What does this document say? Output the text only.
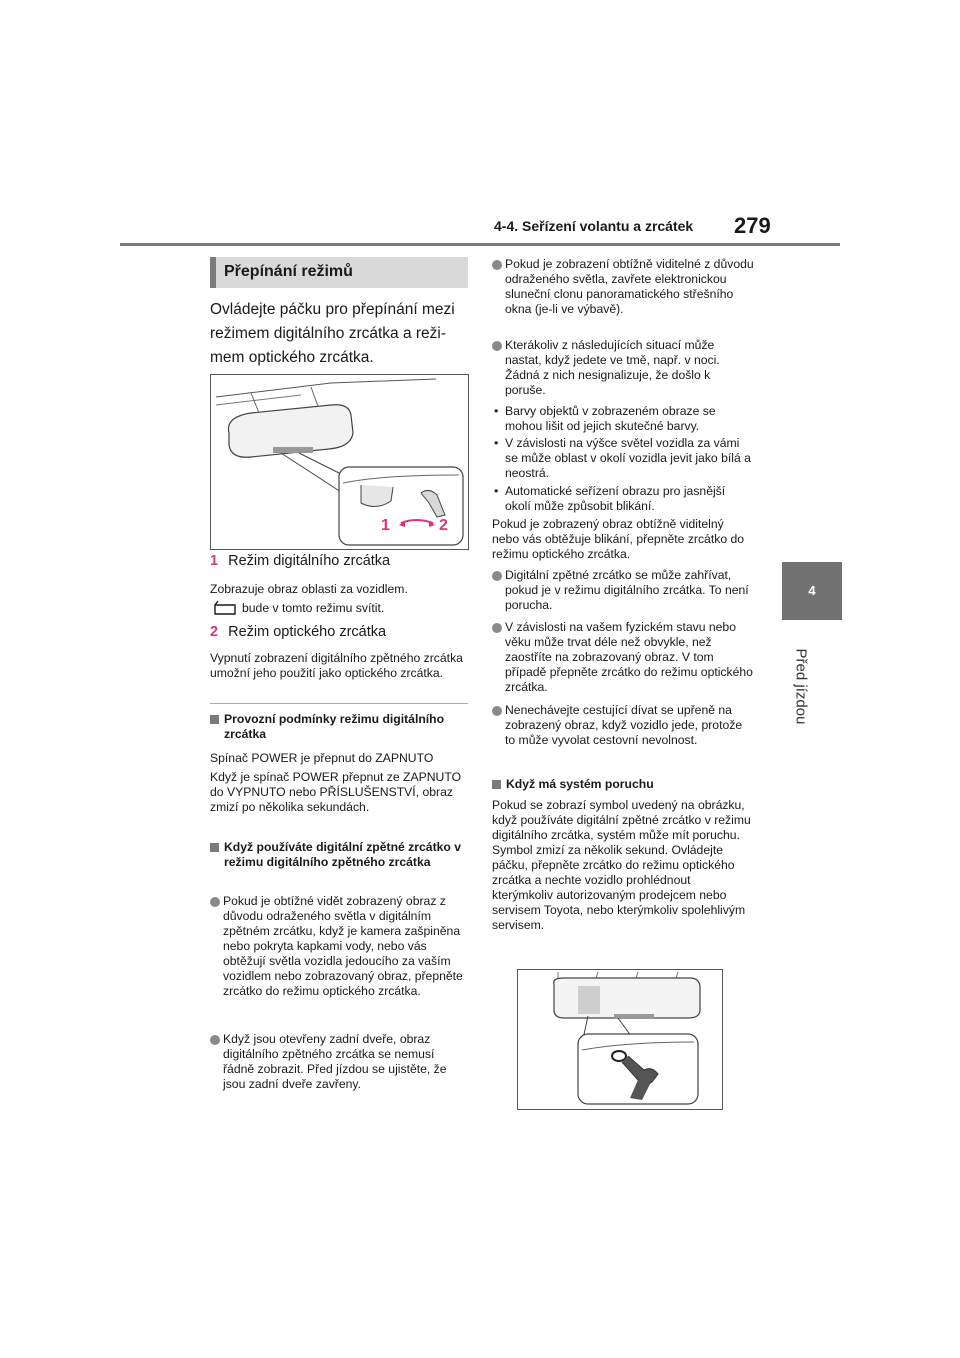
4-4. Seřízení volantu a zrcátek 279
4
Před jízdou
Přepínání režimů
Ovládejte páčku pro přepínání mezi režimem digitálního zrcátka a režimem optického zrcátka.
1	2
1 Režim digitálního zrcátka
Zobrazuje obraz oblasti za vozidlem.
bude v tomto režimu svítit.
2 Režim optického zrcátka
Vypnutí zobrazení digitálního zpětného zrcátka umožní jeho použití jako optického zrcátka.
Provozní podmínky režimu digitálního zrcátka
Spínač POWER je přepnut do ZAPNUTO
Když je spínač POWER přepnut ze ZAPNUTO do VYPNUTO nebo PŘÍSLUŠENSTVÍ, obraz zmizí po několika sekundách.
Když používáte digitální zpětné zrcátko v režimu digitálního zpětného zrcátka
Pokud je obtížné vidět zobrazený obraz z důvodu odraženého světla v digitálním zpětném zrcátku, když je kamera zašpiněna nebo pokryta kapkami vody, nebo vás obtěžují světla vozidla jedoucího za vaším vozidlem nebo zobrazovaný obraz, přepněte zrcátko do režimu optického zrcátka.
Když jsou otevřeny zadní dveře, obraz digitálního zpětného zrcátka se nemusí řádně zobrazit. Před jízdou se ujistěte, že jsou zadní dveře zavřeny.
Pokud je zobrazení obtížně viditelné z důvodu odraženého světla, zavřete elektronickou sluneční clonu panoramatického střešního okna (je-li ve výbavě).
Kterákoliv z následujících situací může nastat, když jedete ve tmě, např. v noci. Žádná z nich nesignalizuje, že došlo k poruše.
• Barvy objektů v zobrazeném obraze se mohou lišit od jejich skutečné barvy.
• V závislosti na výšce světel vozidla za vámi se může oblast v okolí vozidla jevit jako bílá a neostrá.
• Automatické seřízení obrazu pro jasnější okolí může způsobit blikání.
Pokud je zobrazený obraz obtížně viditelný nebo vás obtěžuje blikání, přepněte zrcátko do režimu optického zrcátka.
Digitální zpětné zrcátko se může zahřívat, pokud je v režimu digitálního zrcátka. To není porucha.
V závislosti na vašem fyzickém stavu nebo věku může trvat déle než obvykle, než zaostříte na zobrazovaný obraz. V tom případě přepněte zrcátko do režimu optického zrcátka.
Nenechávejte cestující dívat se upřeně na zobrazený obraz, když vozidlo jede, protože to může vyvolat cestovní nevolnost.
Když má systém poruchu
Pokud se zobrazí symbol uvedený na obrázku, když používáte digitální zpětné zrcátko v režimu digitálního zrcátka, systém může mít poruchu. Symbol zmizí za několik sekund. Ovládejte páčku, přepněte zrcátko do režimu optického zrcátka a nechte vozidlo prohlédnout kterýmkoliv autorizovaným prodejcem nebo servisem Toyota, nebo kterýmkoliv spolehlivým servisem.
